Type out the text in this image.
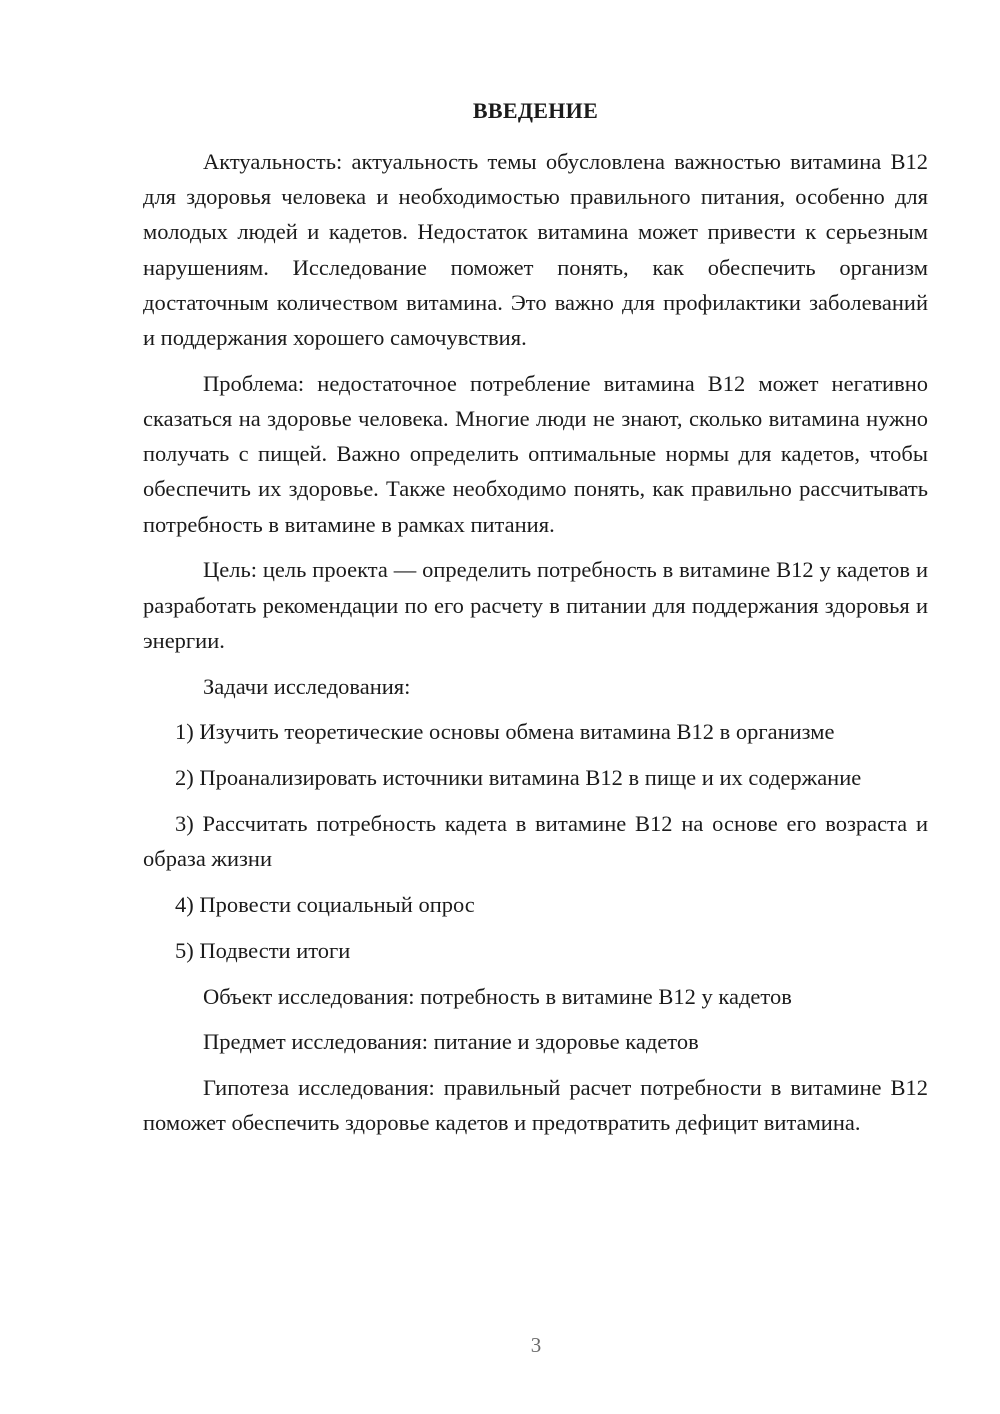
ВВЕДЕНИЕ

Актуальность: актуальность темы обусловлена важностью витамина B12 для здоровья человека и необходимостью правильного питания, особенно для молодых людей и кадетов. Недостаток витамина может привести к серьезным нарушениям. Исследование поможет понять, как обеспечить организм достаточным количеством витамина. Это важно для профилактики заболеваний и поддержания хорошего самочувствия.

Проблема: недостаточное потребление витамина B12 может негативно сказаться на здоровье человека. Многие люди не знают, сколько витамина нужно получать с пищей. Важно определить оптимальные нормы для кадетов, чтобы обеспечить их здоровье. Также необходимо понять, как правильно рассчитывать потребность в витамине в рамках питания.

Цель: цель проекта — определить потребность в витамине B12 у кадетов и разработать рекомендации по его расчету в питании для поддержания здоровья и энергии.

Задачи исследования:

1) Изучить теоретические основы обмена витамина B12 в организме

2) Проанализировать источники витамина B12 в пище и их содержание

3) Рассчитать потребность кадета в витамине B12 на основе его возраста и образа жизни

4) Провести социальный опрос

5) Подвести итоги

Объект исследования: потребность в витамине B12 у кадетов

Предмет исследования: питание и здоровье кадетов

Гипотеза исследования: правильный расчет потребности в витамине B12 поможет обеспечить здоровье кадетов и предотвратить дефицит витамина.

3
